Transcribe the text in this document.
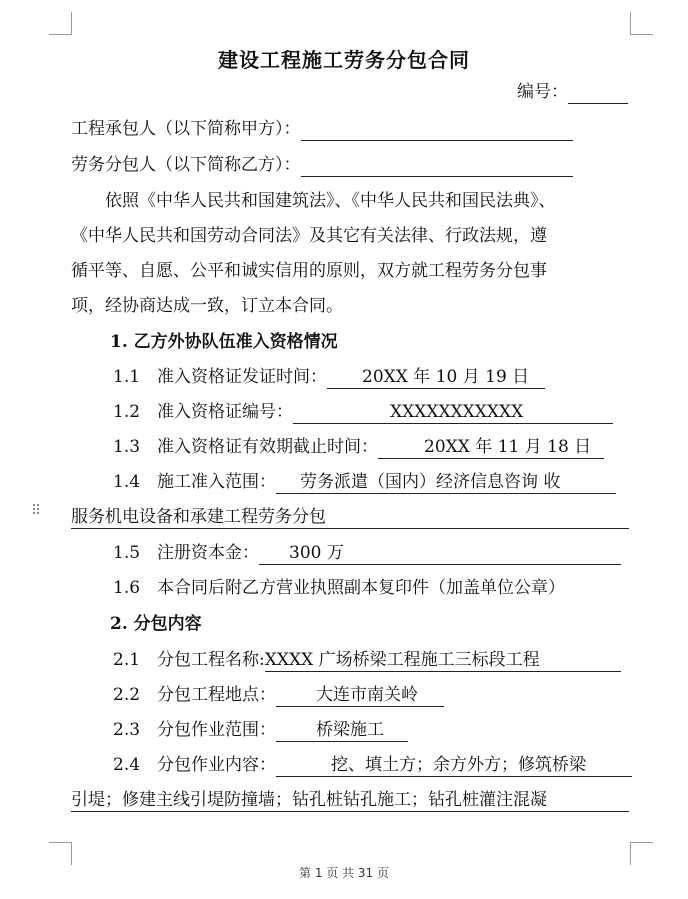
⠿
建设工程施工劳务分包合同
编号：
工程承包人（以下简称甲方）：
劳务分包人（以下简称乙方）：
依照《中华人民共和国建筑法》、《中华人民共和国民法典》、
《中华人民共和国劳动合同法》及其它有关法律、行政法规，遵
循平等、自愿、公平和诚实信用的原则，双方就工程劳务分包事
项，经协商达成一致，订立本合同。
1. 乙方外协队伍准入资格情况
1.1　准入资格证发证时间： 20XX 年 10 月 19 日
1.2　准入资格证编号：	XXXXXXXXXXX
1.3　准入资格证有效期截止时间：	20XX 年 11 月 18 日
1.4　施工准入范围： 劳务派遣（国内）经济信息咨询 收
服务机电设备和承建工程劳务分包
1.5　注册资本金： 300 万
1.6　本合同后附乙方营业执照副本复印件（加盖单位公章）
2. 分包内容
2.1　分包工程名称:XXXX 广场桥梁工程施工三标段工程
2.2　分包工程地点： 大连市南关岭
2.3　分包作业范围： 桥梁施工
2.4　分包作业内容：	挖、填土方；余方外方；修筑桥梁
引堤；修建主线引堤防撞墙；钻孔桩钻孔施工；钻孔桩灌注混凝
第 1 页 共 31 页
